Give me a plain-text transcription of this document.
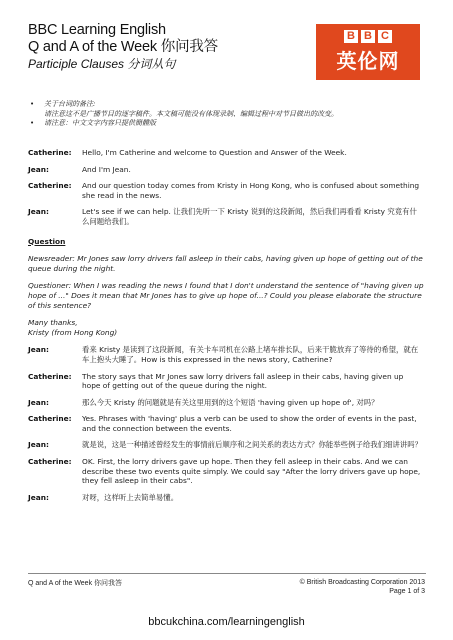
BBC Learning English
Q and A of the Week 你问我答
Participle Clauses 分词从句
B B C
英伦网
• 关于台词的备注:
请注意这不是广播节目的逐字稿件。本文稿可能没有体现录制、编辑过程中对节目做出的改变。
• 请注意：中文文字内容只提供簡體版
Catherine:	Hello, I'm Catherine and welcome to Question and Answer of the Week.
Jean:	And I'm Jean.
Catherine:	And our question today comes from Kristy in Hong Kong, who is confused about something she read in the news.
Jean:	Let's see if we can help. 让我们先听一下 Kristy 说到的这段新闻，然后我们再看看 Kristy 究竟有什么问题给我们。
Question
Newsreader: Mr Jones saw lorry drivers fall asleep in their cabs, having given up hope of getting out of the queue during the night.
Questioner: When I was reading the news I found that I don't understand the sentence of "having given up hope of ..." Does it mean that Mr Jones has to give up hope of...? Could you please elaborate the structure of this sentence?
Many thanks,
Kristy (from Hong Kong)
Jean:	看来 Kristy 是读到了这段新闻，有关卡车司机在公路上堵车排长队，后来干脆放弃了等待的希望，就在车上抱头大睡了。How is this expressed in the news story, Catherine?
Catherine:	The story says that Mr Jones saw lorry drivers fall asleep in their cabs, having given up hope of getting out of the queue during the night.
Jean:	那么今天 Kristy 的问题就是有关这里用到的这个短语 'having given up hope of', 对吗？
Catherine:	Yes. Phrases with 'having' plus a verb can be used to show the order of events in the past, and the connection between the events.
Jean:	就是说，这是一种描述曾经发生的事情前后顺序和之间关系的表达方式？你能举些例子给我们细讲讲吗？
Catherine:	OK. First, the lorry drivers gave up hope. Then they fell asleep in their cabs. And we can describe these two events quite simply. We could say "After the lorry drivers gave up hope, they fell asleep in their cabs".
Jean:	对呀，这样听上去简单易懂。
Q and A of the Week 你问我答	© British Broadcasting Corporation 2013
Page 1 of 3
bbcukchina.com/learningenglish
